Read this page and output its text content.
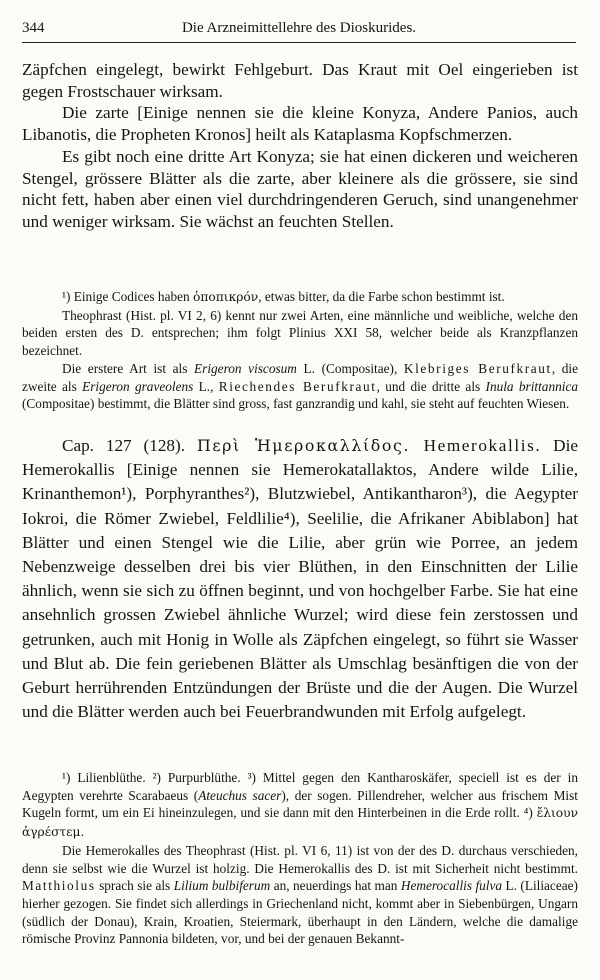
344	Die Arzneimittellehre des Dioskurides.

Zäpfchen eingelegt, bewirkt Fehlgeburt. Das Kraut mit Oel eingerieben ist gegen Frostschauer wirksam.

Die zarte [Einige nennen sie die kleine Konyza, Andere Panios, auch Libanotis, die Propheten Kronos] heilt als Kataplasma Kopfschmerzen.

Es gibt noch eine dritte Art Konyza; sie hat einen dickeren und weicheren Stengel, grössere Blätter als die zarte, aber kleinere als die grössere, sie sind nicht fett, haben aber einen viel durchdringenderen Geruch, sind unangenehmer und weniger wirksam. Sie wächst an feuchten Stellen.

¹) Einige Codices haben ὀποπικρόν, etwas bitter, da die Farbe schon bestimmt ist.

Theophrast (Hist. pl. VI 2, 6) kennt nur zwei Arten, eine männliche und weibliche, welche den beiden ersten des D. entsprechen; ihm folgt Plinius XXI 58, welcher beide als Kranzpflanzen bezeichnet.

Die erstere Art ist als Erigeron viscosum L. (Compositae), Klebriges Berufkraut, die zweite als Erigeron graveolens L., Riechendes Berufkraut, und die dritte als Inula brittannica (Compositae) bestimmt, die Blätter sind gross, fast ganzrandig und kahl, sie steht auf feuchten Wiesen.

Cap. 127 (128). Περὶ Ἡμεροκαλλίδος. Hemerokallis. Die Hemerokallis [Einige nennen sie Hemerokatallaktos, Andere wilde Lilie, Krinanthemon¹), Porphyranthes²), Blutzwiebel, Antikantharon³), die Aegypter Iokroi, die Römer Zwiebel, Feldlilie⁴), Seelilie, die Afrikaner Abiblabon] hat Blätter und einen Stengel wie die Lilie, aber grün wie Porree, an jedem Nebenzweige desselben drei bis vier Blüthen, in den Einschnitten der Lilie ähnlich, wenn sie sich zu öffnen beginnt, und von hochgelber Farbe. Sie hat eine ansehnlich grossen Zwiebel ähnliche Wurzel; wird diese fein zerstossen und getrunken, auch mit Honig in Wolle als Zäpfchen eingelegt, so führt sie Wasser und Blut ab. Die fein geriebenen Blätter als Umschlag besänftigen die von der Geburt herrührenden Entzündungen der Brüste und die der Augen. Die Wurzel und die Blätter werden auch bei Feuerbrandwunden mit Erfolg aufgelegt.

¹) Lilienblüthe. ²) Purpurblüthe. ³) Mittel gegen den Kantharoskäfer, speciell ist es der in Aegypten verehrte Scarabaeus (Ateuchus sacer), der sogen. Pillendreher, welcher aus frischem Mist Kugeln formt, um ein Ei hineinzulegen, und sie dann mit den Hinterbeinen in die Erde rollt. ⁴) ἔλιουν ἀγρέστεμ.

Die Hemerokalles des Theophrast (Hist. pl. VI 6, 11) ist von der des D. durchaus verschieden, denn sie selbst wie die Wurzel ist holzig. Die Hemerokallis des D. ist mit Sicherheit nicht bestimmt. Matthiolus sprach sie als Lilium bulbiferum an, neuerdings hat man Hemerocallis fulva L. (Liliaceae) hierher gezogen. Sie findet sich allerdings in Griechenland nicht, kommt aber in Siebenbürgen, Ungarn (südlich der Donau), Krain, Kroatien, Steiermark, überhaupt in den Ländern, welche die damalige römische Provinz Pannonia bildeten, vor, und bei der genauen Bekannt-
